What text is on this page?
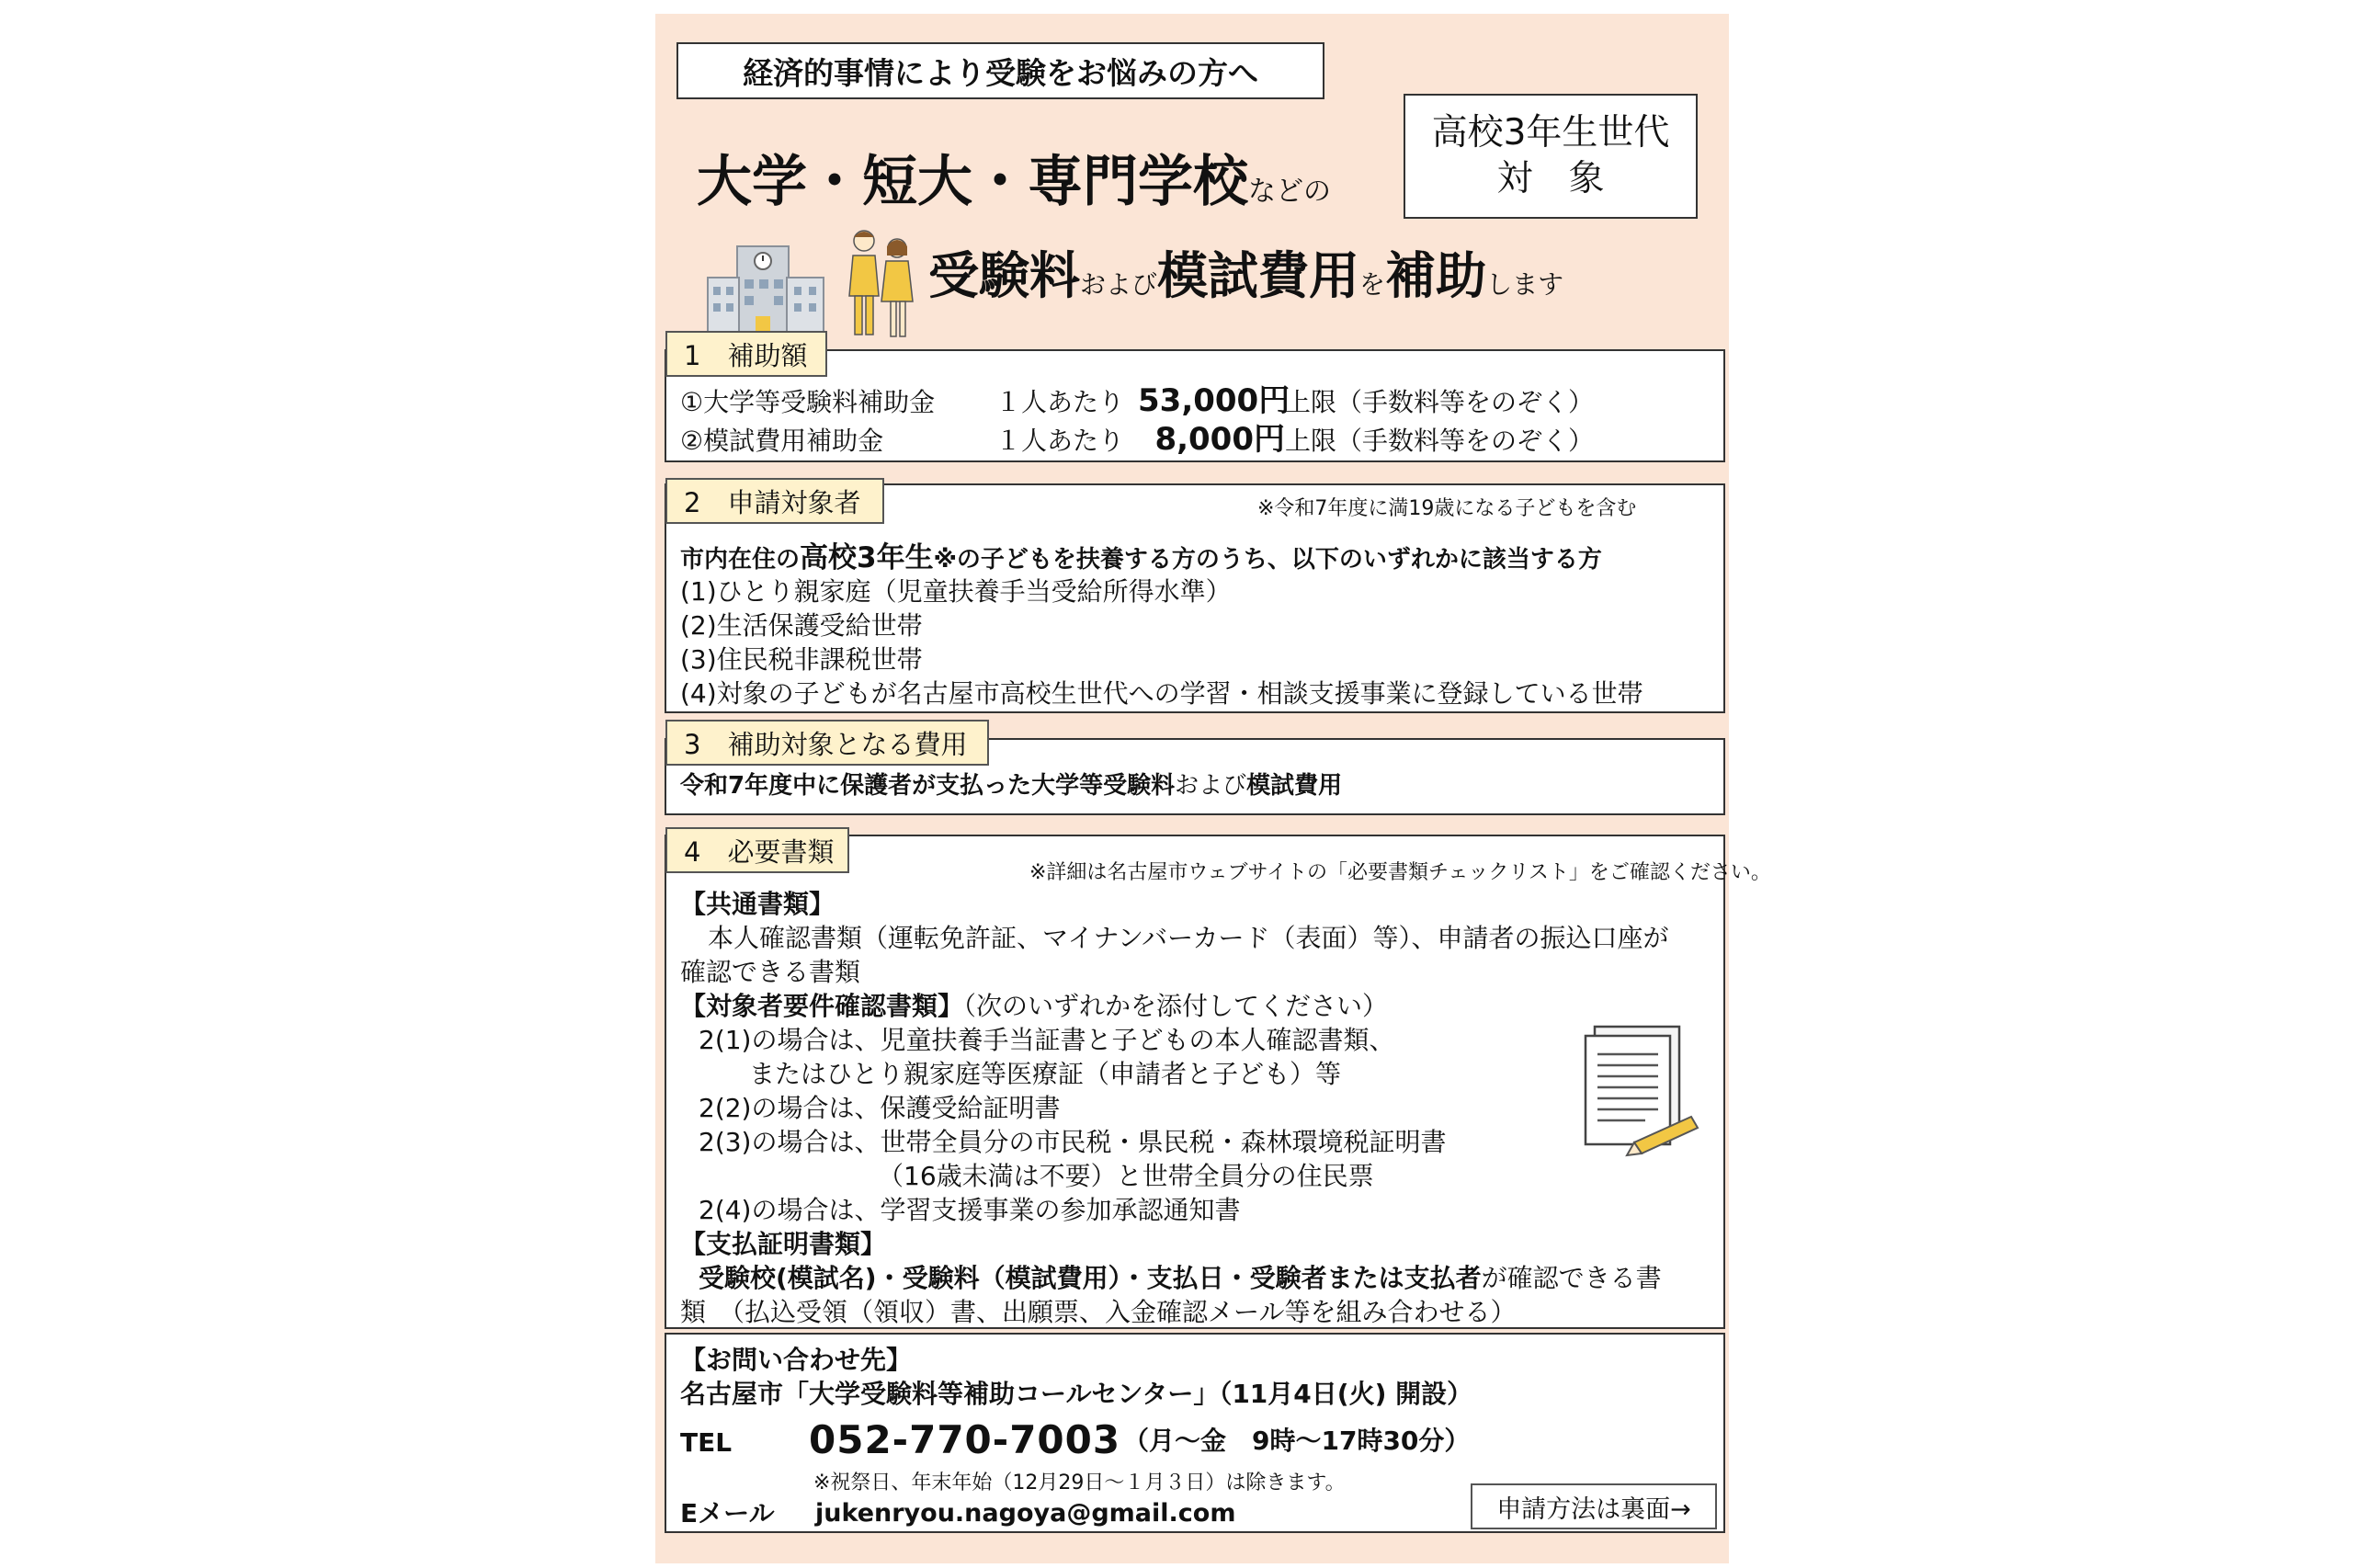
経済的事情により受験をお悩みの方へ
高校3年生世代
対　象
大学・短大・専門学校などの
受験料および模試費用を補助します
①大学等受験料補助金 １人あたり 53,000円上限（手数料等をのぞく）
②模試費用補助金	１人あたり 8,000円上限（手数料等をのぞく）
1　補助額
※令和7年度に満19歳になる子どもを含む
市内在住の高校3年生※の子どもを扶養する方のうち、以下のいずれかに該当する方
(1)ひとり親家庭（児童扶養手当受給所得水準）
(2)生活保護受給世帯
(3)住民税非課税世帯
(4)対象の子どもが名古屋市高校生世代への学習・相談支援事業に登録している世帯
2　申請対象者
令和7年度中に保護者が支払った大学等受験料および模試費用
3　補助対象となる費用
※詳細は名古屋市ウェブサイトの「必要書類チェックリスト」をご確認ください。
【共通書類】
本人確認書類（運転免許証、マイナンバーカード（表面）等）、申請者の振込口座が
確認できる書類
【対象者要件確認書類】（次のいずれかを添付してください）
2(1)の場合は、児童扶養手当証書と子どもの本人確認書類、
またはひとり親家庭等医療証（申請者と子ども）等
2(2)の場合は、保護受給証明書
2(3)の場合は、世帯全員分の市民税・県民税・森林環境税証明書
（16歳未満は不要）と世帯全員分の住民票
2(4)の場合は、学習支援事業の参加承認通知書
【支払証明書類】
受験校(模試名)・受験料（模試費用）・支払日・受験者または支払者が確認できる書
類　（払込受領（領収）書、出願票、入金確認メール等を組み合わせる）
4　必要書類
【お問い合わせ先】
名古屋市「大学受験料等補助コールセンター」（11月4日(火) 開設）
TEL 052-770-7003 （月～金　9時～17時30分）
※祝祭日、年末年始（12月29日～１月３日）は除きます。
Eメール jukenryou.nagoya@gmail.com	申請方法は裏面→
